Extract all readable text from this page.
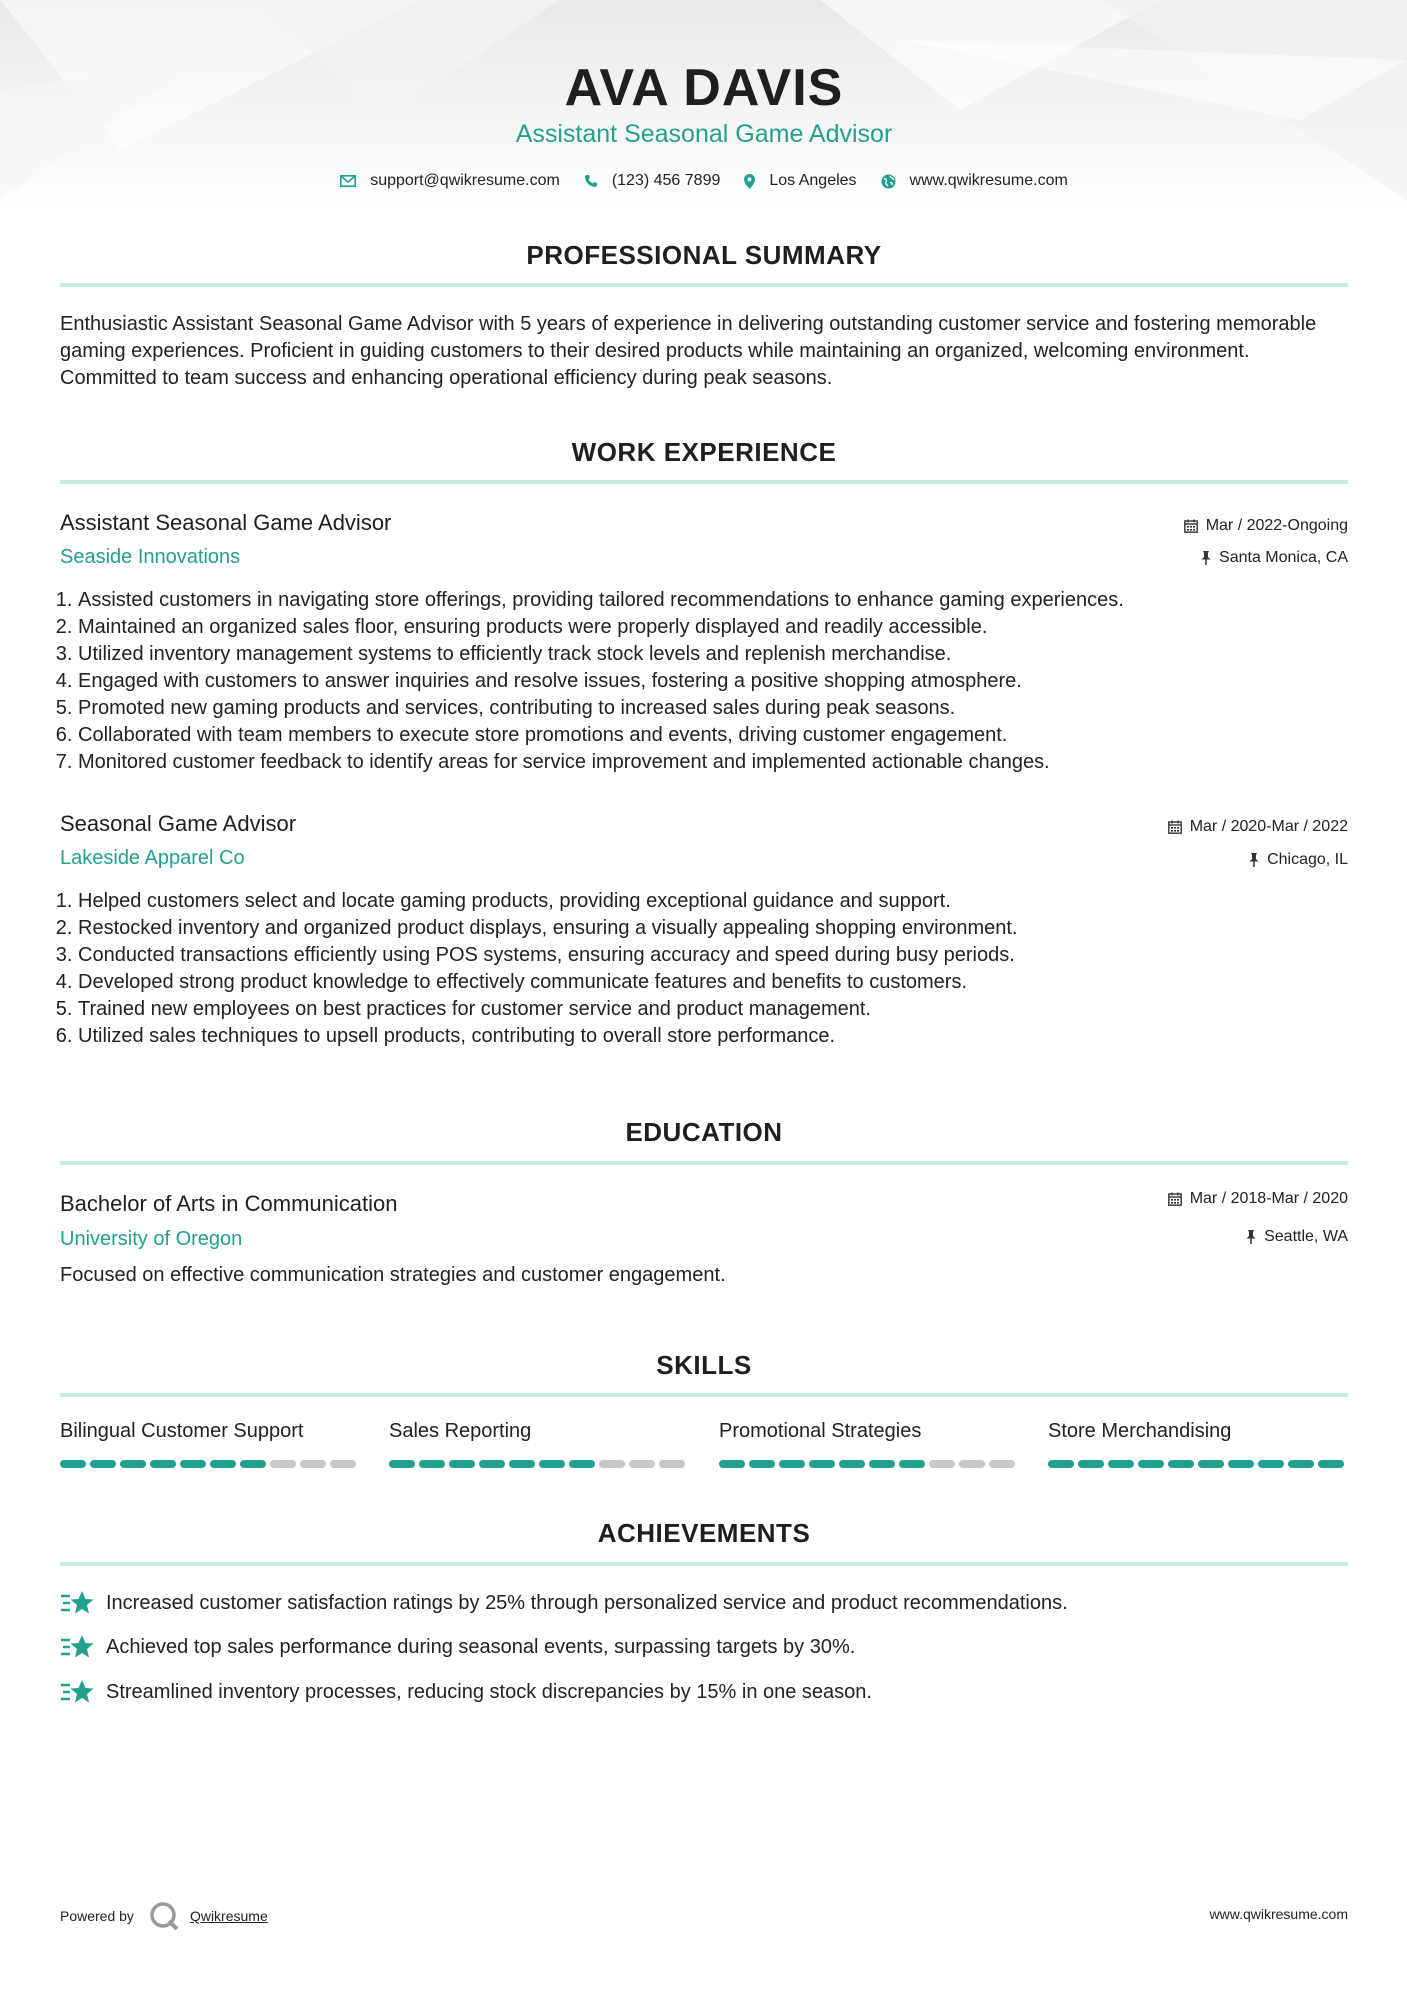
AVA DAVIS
Assistant Seasonal Game Advisor
support@qwikresume.com	(123) 456 7899	Los Angeles	www.qwikresume.com
PROFESSIONAL SUMMARY
Enthusiastic Assistant Seasonal Game Advisor with 5 years of experience in delivering outstanding customer service and fostering memorable gaming experiences. Proficient in guiding customers to their desired products while maintaining an organized, welcoming environment. Committed to team success and enhancing operational efficiency during peak seasons.
WORK EXPERIENCE
Assistant Seasonal Game Advisor	Mar / 2022-Ongoing
Seaside Innovations	Santa Monica, CA
1. Assisted customers in navigating store offerings, providing tailored recommendations to enhance gaming experiences.
2. Maintained an organized sales floor, ensuring products were properly displayed and readily accessible.
3. Utilized inventory management systems to efficiently track stock levels and replenish merchandise.
4. Engaged with customers to answer inquiries and resolve issues, fostering a positive shopping atmosphere.
5. Promoted new gaming products and services, contributing to increased sales during peak seasons.
6. Collaborated with team members to execute store promotions and events, driving customer engagement.
7. Monitored customer feedback to identify areas for service improvement and implemented actionable changes.
Seasonal Game Advisor	Mar / 2020-Mar / 2022
Lakeside Apparel Co	Chicago, IL
1. Helped customers select and locate gaming products, providing exceptional guidance and support.
2. Restocked inventory and organized product displays, ensuring a visually appealing shopping environment.
3. Conducted transactions efficiently using POS systems, ensuring accuracy and speed during busy periods.
4. Developed strong product knowledge to effectively communicate features and benefits to customers.
5. Trained new employees on best practices for customer service and product management.
6. Utilized sales techniques to upsell products, contributing to overall store performance.
EDUCATION
Bachelor of Arts in Communication	Mar / 2018-Mar / 2020
University of Oregon	Seattle, WA
Focused on effective communication strategies and customer engagement.
SKILLS
Bilingual Customer Support	Sales Reporting	Promotional Strategies	Store Merchandising
ACHIEVEMENTS
Increased customer satisfaction ratings by 25% through personalized service and product recommendations.
Achieved top sales performance during seasonal events, surpassing targets by 30%.
Streamlined inventory processes, reducing stock discrepancies by 15% in one season.
Powered by	Qwikresume	www.qwikresume.com
